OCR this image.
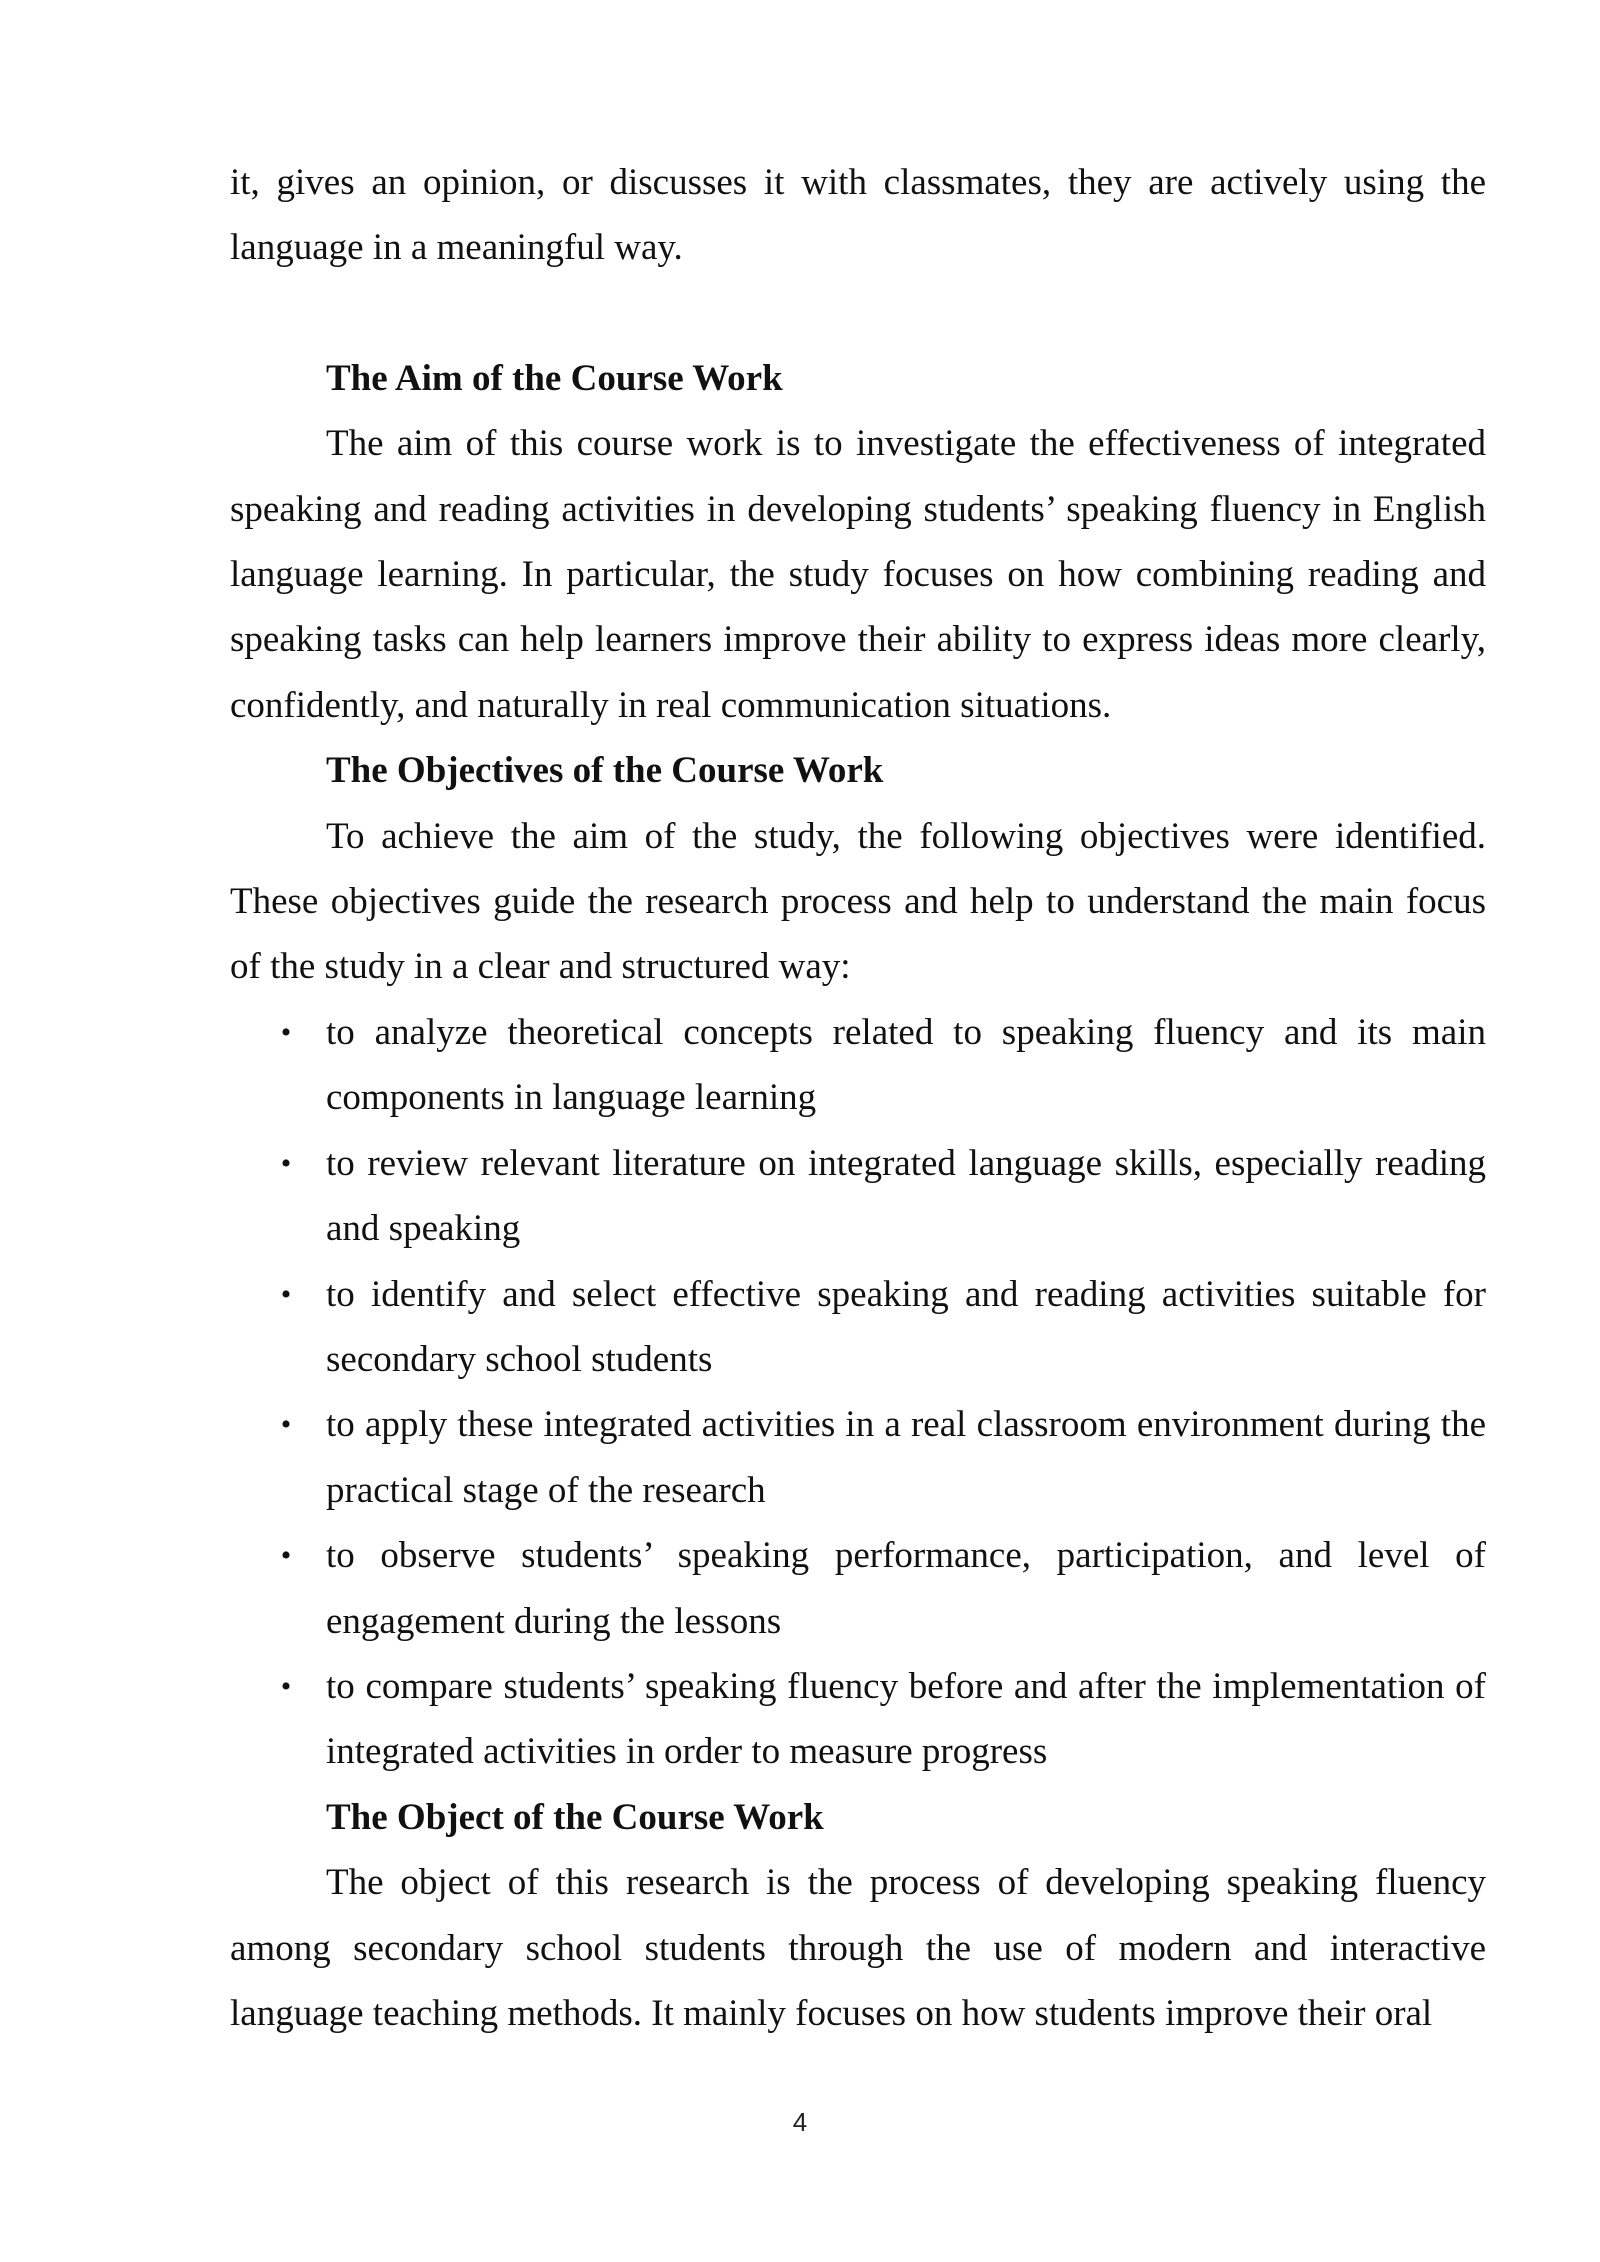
it, gives an opinion, or discusses it with classmates, they are actively using the language in a meaningful way.

The Aim of the Course Work

The aim of this course work is to investigate the effectiveness of integrated speaking and reading activities in developing students’ speaking fluency in English language learning. In particular, the study focuses on how combining reading and speaking tasks can help learners improve their ability to express ideas more clearly, confidently, and naturally in real communication situations.

The Objectives of the Course Work

To achieve the aim of the study, the following objectives were identified. These objectives guide the research process and help to understand the main focus of the study in a clear and structured way:

• to analyze theoretical concepts related to speaking fluency and its main components in language learning
• to review relevant literature on integrated language skills, especially reading and speaking
• to identify and select effective speaking and reading activities suitable for secondary school students
• to apply these integrated activities in a real classroom environment during the practical stage of the research
• to observe students’ speaking performance, participation, and level of engagement during the lessons
• to compare students’ speaking fluency before and after the implementation of integrated activities in order to measure progress
The Object of the Course Work

The object of this research is the process of developing speaking fluency among secondary school students through the use of modern and interactive language teaching methods. It mainly focuses on how students improve their oral

4
